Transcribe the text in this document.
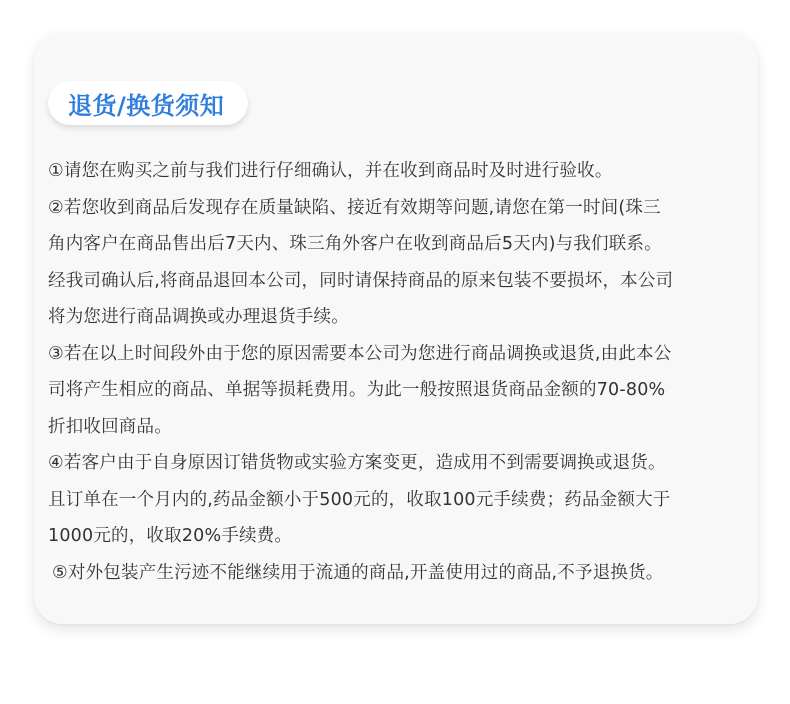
退货/换货须知
①请您在购买之前与我们进行仔细确认，并在收到商品时及时进行验收。
②若您收到商品后发现存在质量缺陷、接近有效期等问题,请您在第一时间(珠三
角内客户在商品售出后7天内、珠三角外客户在收到商品后5天内)与我们联系。
经我司确认后,将商品退回本公司，同时请保持商品的原来包装不要损坏，本公司
将为您进行商品调换或办理退货手续。
③若在以上时间段外由于您的原因需要本公司为您进行商品调换或退货,由此本公
司将产生相应的商品、单据等损耗费用。为此一般按照退货商品金额的70-80%
折扣收回商品。
④若客户由于自身原因订错货物或实验方案变更，造成用不到需要调换或退货。
且订单在一个月内的,药品金额小于500元的，收取100元手续费；药品金额大于
1000元的，收取20%手续费。
⑤对外包装产生污迹不能继续用于流通的商品,开盖使用过的商品,不予退换货。
